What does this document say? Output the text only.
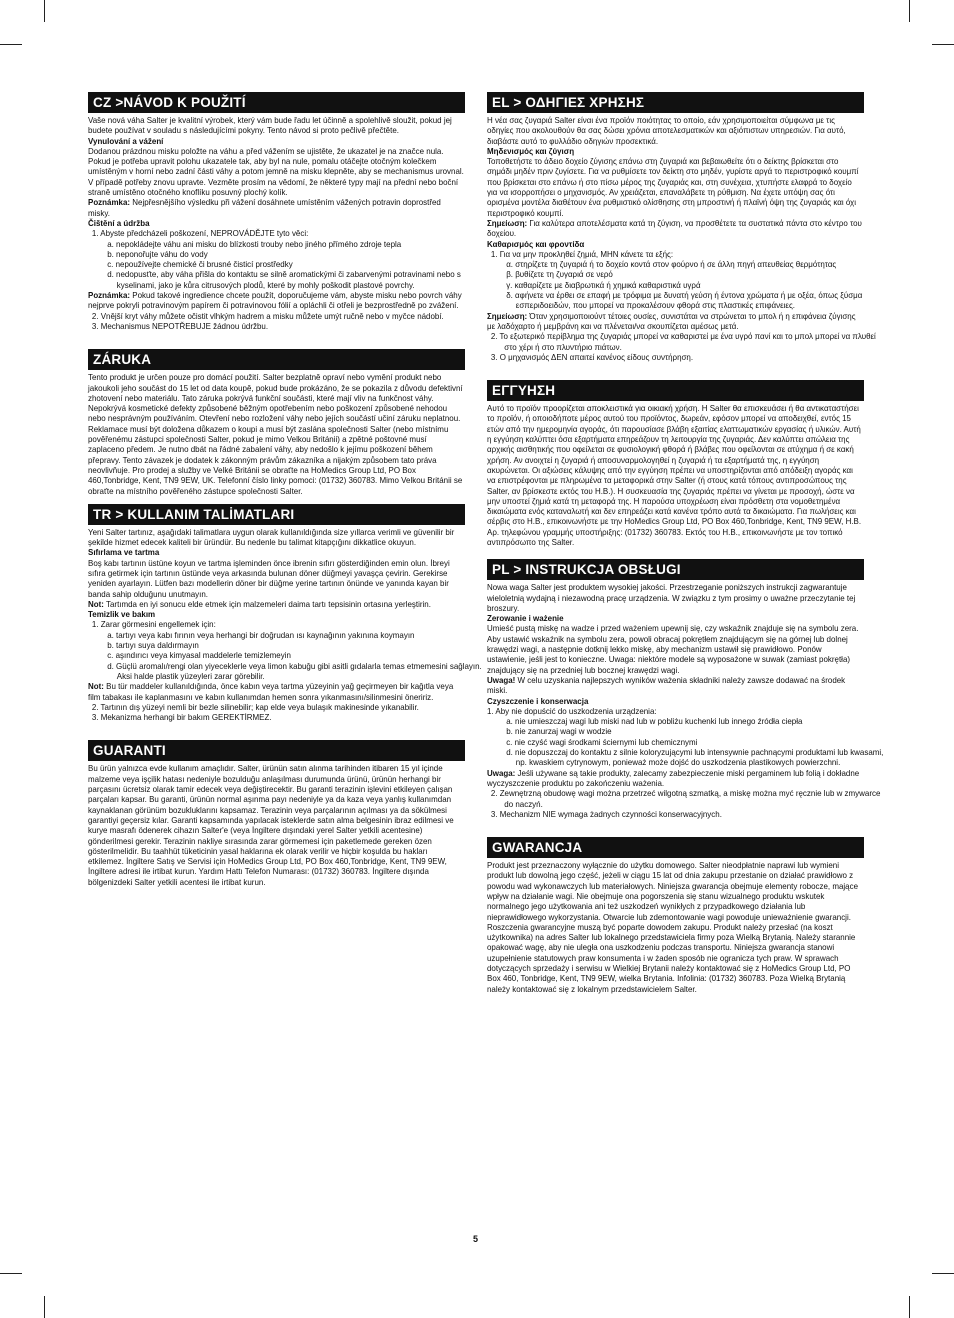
CZ >NÁVOD K POUŽITÍ

Vaše nová váha Salter je kvalitní výrobek, který vám bude řadu let účinně a spolehlivě sloužit, pokud jej budete používat v souladu s následujícími pokyny. Tento návod si proto pečlivě přečtěte.

Vynulování a vážení

Dodanou prázdnou misku položte na váhu a před vážením se ujistěte, že ukazatel je na značce nula. Pokud je potřeba upravit polohu ukazatele tak, aby byl na nule, pomalu otáčejte otočným kolečkem umístěným v horní nebo zadní části váhy a potom jemně na misku klepněte, aby se mechanismus urovnal. V případě potřeby znovu upravte. Vezměte prosím na vědomí, že některé typy mají na přední nebo boční straně umístěno otočného knoflíku posuvný plochý kolík.

Poznámka: Nejpřesnějšího výsledku při vážení dosáhnete umístěním vážených potravin doprostřed misky.

Čištění a údržba

1. Abyste předcházeli poškození, NEPROVÁDĚJTE tyto věci:

a. nepokládejte váhu ani misku do blízkosti trouby nebo jiného přímého zdroje tepla

b. neponořujte váhu do vody

c. nepoužívejte chemické či brusné čisticí prostředky

d. nedopusťte, aby váha přišla do kontaktu se silně aromatickými či zabarvenými potravinami nebo s kyselinami, jako je kůra citrusových plodů, které by mohly poškodit plastové povrchy.

Poznámka: Pokud takové ingredience chcete použít, doporučujeme vám, abyste misku nebo povrch váhy nejprve pokryli potravinovým papírem či potravinovou fólií a opláchli či otřeli je bezprostředně po zvážení.

2. Vnější kryt váhy můžete očistit vlhkým hadrem a misku můžete umýt ručně nebo v myčce nádobí.

3. Mechanismus NEPOTŘEBUJE žádnou údržbu.

ZÁRUKA

Tento produkt je určen pouze pro domácí použití. Salter bezplatně opraví nebo vymění produkt nebo jakoukoli jeho součást do 15 let od data koupě, pokud bude prokázáno, že se pokazila z důvodu defektivní zhotovení nebo materiálu. Tato záruka pokrývá funkční součásti, které mají vliv na funkčnost váhy. Nepokrývá kosmetické defekty způsobené běžným opotřebením nebo poškození způsobené nehodou nebo nesprávným používáním. Otevření nebo rozložení váhy nebo jejích součástí učiní záruku neplatnou. Reklamace musí být doložena důkazem o koupi a musí být zaslána společnosti Salter (nebo místnímu pověřenému zástupci společnosti Salter, pokud je mimo Velkou Británii) a zpětné poštovné musí zaplaceno předem. Je nutno dbát na řádné zabalení váhy, aby nedošlo k jejímu poškození během přepravy. Tento závazek je dodatek k zákonným právům zákazníka a nijakým způsobem tato práva neovlivňuje. Pro prodej a služby ve Velké Británii se obraťte na HoMedics Group Ltd, PO Box 460,Tonbridge, Kent, TN9 9EW, UK. Telefonní číslo linky pomoci: (01732) 360783. Mimo Velkou Británii se obraťte na místního pověřeného zástupce společnosti Salter.

TR > KULLANIM TALİMATLARI

Yeni Salter tartınız, aşağıdaki talimatlara uygun olarak kullanıldığında size yıllarca verimli ve güvenilir bir şekilde hizmet edecek kaliteli bir üründür. Bu nedenle bu talimat kitapçığını dikkatlice okuyun.

Sıfırlama ve tartma

Boş kabı tartının üstüne koyun ve tartma işleminden önce ibrenin sıfırı gösterdiğinden emin olun. İbreyi sıfıra getirmek için tartının üstünde veya arkasında bulunan döner düğmeyi yavaşça çevirin. Gerekirse yeniden ayarlayın. Lütfen bazı modellerin döner bir düğme yerine tartının önünde ve yanında kayan bir banda sahip olduğunu unutmayın.

Not: Tartımda en iyi sonucu elde etmek için malzemeleri daima tartı tepsisinin ortasına yerleştirin.

Temizlik ve bakım

1. Zarar görmesini engellemek için:

a. tartıyı veya kabı fırının veya herhangi bir doğrudan ısı kaynağının yakınına koymayın

b. tartıyı suya daldırmayın

c. aşındırıcı veya kimyasal maddelerle temizlemeyin

d. Güçlü aromalı/rengi olan yiyeceklerle veya limon kabuğu gibi asitli gıdalarla temas etmemesini sağlayın. Aksi halde plastik yüzeyleri zarar görebilir.

Not: Bu tür maddeler kullanıldığında, önce kabın veya tartma yüzeyinin yağ geçirmeyen bir kağıtla veya film tabakası ile kaplanmasını ve kabın kullanımdan hemen sonra yıkanmasını/silinmesini öneririz.

2. Tartının dış yüzeyi nemli bir bezle silinebilir; kap elde veya bulaşık makinesinde yıkanabilir.

3. Mekanizma herhangi bir bakım GEREKTİRMEZ.

GUARANTI

Bu ürün yalnızca evde kullanım amaçlıdır. Salter, ürünün satın alınma tarihinden itibaren 15 yıl içinde malzeme veya işçilik hatası nedeniyle bozulduğu anlaşılması durumunda ürünü, ürünün herhangi bir parçasını ücretsiz olarak tamir edecek veya değiştirecektir. Bu garanti terazinin işlevini etkileyen çalışan parçaları kapsar. Bu garanti, ürünün normal aşınma payı nedeniyle ya da kaza veya yanlış kullanımdan kaynaklanan görünüm bozukluklarını kapsamaz. Terazinin veya parçalarının açılması ya da sökülmesi garantiyi geçersiz kılar. Garanti kapsamında yapılacak isteklerde satın alma belgesinin ibraz edilmesi ve kurye masrafı ödenerek cihazın Salter'e (veya İngiltere dışındaki yerel Salter yetkili acentesine) gönderilmesi gerekir. Terazinin nakliye sırasında zarar görmemesi için paketlemede gereken özen gösterilmelidir. Bu taahhüt tüketicinin yasal haklarına ek olarak verilir ve hiçbir koşulda bu hakları etkilemez. İngiltere Satış ve Servisi için HoMedics Group Ltd, PO Box 460,Tonbridge, Kent, TN9 9EW, İngiltere adresi ile irtibat kurun. Yardım Hattı Telefon Numarası: (01732) 360783. İngiltere dışında bölgenizdeki Salter yetkili acentesi ile irtibat kurun.

EL > ΟΔΗΓΙΕΣ ΧΡΗΣΗΣ

Η νέα σας ζυγαριά Salter είναι ένα προϊόν ποιότητας το οποίο, εάν χρησιμοποιείται σύμφωνα με τις οδηγίες που ακολουθούν θα σας δώσει χρόνια αποτελεσματικών και αξιόπιστων υπηρεσιών. Για αυτό, διαβάστε αυτό το φυλλάδιο οδηγιών προσεκτικά.

Μηδενισμός και ζύγιση

Τοποθετήστε το άδειο δοχείο ζύγισης επάνω στη ζυγαριά και βεβαιωθείτε ότι ο δείκτης βρίσκεται στο σημάδι μηδέν πριν ζυγίσετε. Για να ρυθμίσετε τον δείκτη στο μηδέν, γυρίστε αργά το περιστροφικό κουμπί που βρίσκεται στο επάνω ή στο πίσω μέρος της ζυγαριάς και, στη συνέχεια, χτυπήστε ελαφρά το δοχείο για να ισορροπήσει ο μηχανισμός. Αν χρειάζεται, επαναλάβετε τη ρύθμιση. Να έχετε υπόψη σας ότι ορισμένα μοντέλα διαθέτουν ένα ρυθμιστικό ολίσθησης στη μπροστινή ή πλαϊνή όψη της ζυγαριάς και όχι περιστροφικό κουμπί.

Σημείωση: Για καλύτερα αποτελέσματα κατά τη ζύγιση, να προσθέτετε τα συστατικά πάντα στο κέντρο του δοχείου.

Καθαρισμός και φροντίδα

1. Για να μην προκληθεί ζημιά, ΜΗΝ κάνετε τα εξής:

α. στηρίζετε τη ζυγαριά ή το δοχείο κοντά στον φούρνο ή σε άλλη πηγή απευθείας θερμότητας

β. βυθίζετε τη ζυγαριά σε νερό

γ. καθαρίζετε με διαβρωτικά ή χημικά καθαριστικά υγρά

δ. αφήνετε να έρθει σε επαφή με τρόφιμα με δυνατή γεύση ή έντονα χρώματα ή με οξέα, όπως ξύσμα εσπεριδοειδών, που μπορεί να προκαλέσουν φθορά στις πλαστικές επιφάνειες.

Σημείωση: Όταν χρησιμοποιούντ τέτοιες ουσίες, συνιστάται να στρώνεται το μπολ ή η επιφάνεια ζύγισης με λαδόχαρτο ή μεμβράνη και να πλένεται/να σκουπίζεται αμέσως μετά.

2. Το εξωτερικό περίβλημα της ζυγαριάς μπορεί να καθαριστεί με ένα υγρό πανί και το μπολ μπορεί να πλυθεί στο χέρι ή στο πλυντήριο πιάτων.

3. Ο μηχανισμός ΔΕΝ απαιτεί κανένος είδους συντήρηση.

ΕΓΓΥΗΣΗ

Αυτό το προϊόν προορίζεται αποκλειστικά για οικιακή χρήση. Η Salter θα επισκευάσει ή θα αντικαταστήσει το προϊόν, ή οποιοδήποτε μέρος αυτού του προϊόντος, δωρεάν, εφόσον μπορεί να αποδειχθεί, εντός 15 ετών από την ημερομηνία αγοράς, ότι παρουσίασε βλάβη εξαιτίας ελαττωματικών εργασίας ή υλικών. Αυτή η εγγύηση καλύπτει όσα εξαρτήματα επηρεάζουν τη λειτουργία της ζυγαριάς. Δεν καλύπτει απώλεια της αρχικής αισθητικής που οφείλεται σε φυσιολογική φθορά ή βλάβες που οφείλονται σε ατύχημα ή σε κακή χρήση. Αν ανοιχτεί η ζυγαριά ή αποσυναρμολογηθεί η ζυγαριά ή τα εξαρτήματά της, η εγγύηση ακυρώνεται. Οι αξιώσεις κάλυψης από την εγγύηση πρέπει να υποστηρίζονται από απόδειξη αγοράς και να επιστρέφονται με πληρωμένα τα μεταφορικά στην Salter (ή στους κατά τόπους αντιπροσώπους της Salter, αν βρίσκεστε εκτός του Η.Β.). Η συσκευασία της ζυγαριάς πρέπει να γίνεται με προσοχή, ώστε να μην υποστεί ζημιά κατά τη μεταφορά της. Η παρούσα υποχρέωση είναι πρόσθετη στα νομοθετημένα δικαιώματα ενός καταναλωτή και δεν επηρεάζει κατά κανένα τρόπο αυτά τα δικαιώματα. Για πωλήσεις και σέρβις στο Η.Β., επικοινωνήστε με την HoMedics Group Ltd, PO Box 460,Tonbridge, Kent, TN9 9EW, Η.Β. Αρ. τηλεφώνου γραμμής υποστήριξης: (01732) 360783. Εκτός του Η.Β., επικοινωνήστε με τον τοπικό αντιπρόσωπο της Salter.

PL > INSTRUKCJA OBSŁUGI

Nowa waga Salter jest produktem wysokiej jakości. Przestrzeganie poniższych instrukcji zagwarantuje wieloletnią wydajną i niezawodną pracę urządzenia. W związku z tym prosimy o uważne przeczytanie tej broszury.

Zerowanie i ważenie

Umieść pustą miskę na wadze i przed ważeniem upewnij się, czy wskaźnik znajduje się na symbolu zera. Aby ustawić wskaźnik na symbolu zera, powoli obracaj pokrętłem znajdującym się na górnej lub dolnej krawędzi wagi, a następnie dotknij lekko miskę, aby mechanizm ustawił się prawidłowo. Ponów ustawienie, jeśli jest to konieczne. Uwaga: niektóre modele są wyposażone w suwak (zamiast pokrętła) znajdujący się na przedniej lub bocznej krawędzi wagi.

Uwaga! W celu uzyskania najlepszych wyników ważenia składniki należy zawsze dodawać na środek miski.

Czyszczenie i konserwacja

1. Aby nie dopuścić do uszkodzenia urządzenia:

a. nie umieszczaj wagi lub miski nad lub w pobliżu kuchenki lub innego źródła ciepła

b. nie zanurzaj wagi w wodzie

c. nie czyść wagi środkami ściernymi lub chemicznymi

d. nie dopuszczaj do kontaktu z silnie koloryzującymi lub intensywnie pachnącymi produktami lub kwasami, np. kwaskiem cytrynowym, ponieważ może dojść do uszkodzenia plastikowych powierzchni.

Uwaga: Jeśli używane są takie produkty, zalecamy zabezpieczenie miski pergaminem lub folią i dokładne wyczyszczenie produktu po zakończeniu ważenia.

2. Zewnętrzną obudowę wagi można przetrzeć wilgotną szmatką, a miskę można myć ręcznie lub w zmywarce do naczyń.

3. Mechanizm NIE wymaga żadnych czynności konserwacyjnych.

GWARANCJA

Produkt jest przeznaczony wyłącznie do użytku domowego. Salter nieodpłatnie naprawi lub wymieni produkt lub dowolną jego część, jeżeli w ciągu 15 lat od dnia zakupu przestanie on działać prawidłowo z powodu wad wykonawczych lub materiałowych. Niniejsza gwarancja obejmuje elementy robocze, mające wpływ na działanie wagi. Nie obejmuje ona pogorszenia się stanu wizualnego produktu wskutek normalnego jego użytkowania ani też uszkodzeń wynikłych z przypadkowego działania lub nieprawidłowego wykorzystania. Otwarcie lub zdemontowanie wagi powoduje unieważnienie gwarancji. Roszczenia gwarancyjne muszą być poparte dowodem zakupu. Produkt należy przesłać (na koszt użytkownika) na adres Salter lub lokalnego przedstawiciela firmy poza Wielką Brytanią. Należy starannie opakować wagę, aby nie uległa ona uszkodzeniu podczas transportu. Niniejsza gwarancja stanowi uzupełnienie statutowych praw konsumenta i w żaden sposób nie ogranicza tych praw. W sprawach dotyczących sprzedaży i serwisu w Wielkiej Brytanii należy kontaktować się z HoMedics Group Ltd, PO Box 460, Tonbridge, Kent, TN9 9EW, wielka Brytania. Infolinia: (01732) 360783. Poza Wielką Brytanią należy kontaktować się z lokalnym przedstawicielem Salter.

5
